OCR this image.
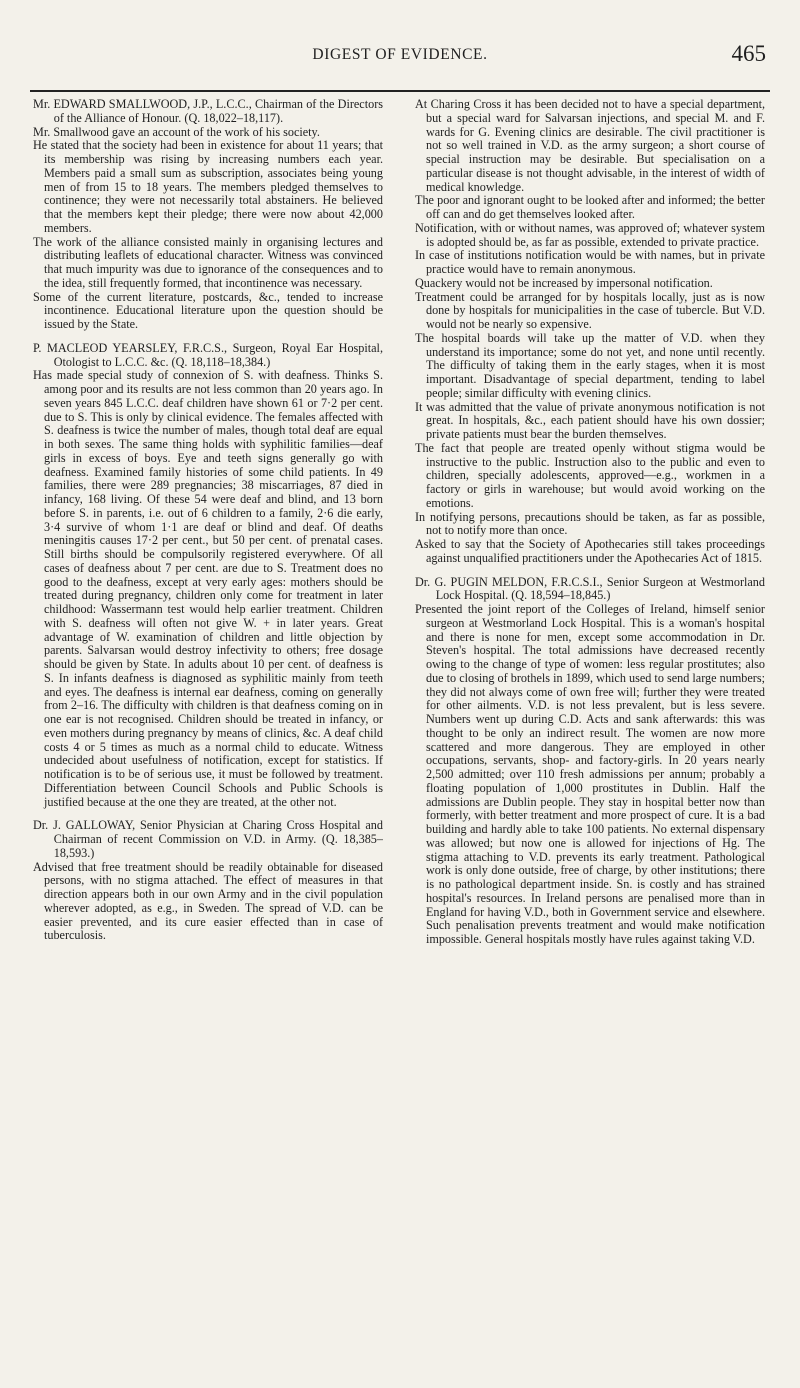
DIGEST OF EVIDENCE.	465

Mr. EDWARD SMALLWOOD, J.P., L.C.C., Chairman of the Directors of the Alliance of Honour. (Q. 18,022–18,117).

Mr. Smallwood gave an account of the work of his society.

He stated that the society had been in existence for about 11 years; that its membership was rising by increasing numbers each year. Members paid a small sum as subscription, associates being young men of from 15 to 18 years. The members pledged themselves to continence; they were not necessarily total abstainers. He believed that the members kept their pledge; there were now about 42,000 members.

The work of the alliance consisted mainly in organising lectures and distributing leaflets of educational character. Witness was convinced that much impurity was due to ignorance of the consequences and to the idea, still frequently formed, that incontinence was necessary.

Some of the current literature, postcards, &c., tended to increase incontinence. Educational literature upon the question should be issued by the State.

P. MACLEOD YEARSLEY, F.R.C.S., Surgeon, Royal Ear Hospital, Otologist to L.C.C. &c. (Q. 18,118–18,384.)

Has made special study of connexion of S. with deafness. Thinks S. among poor and its results are not less common than 20 years ago. In seven years 845 L.C.C. deaf children have shown 61 or 7·2 per cent. due to S. This is only by clinical evidence. The females affected with S. deafness is twice the number of males, though total deaf are equal in both sexes. The same thing holds with syphilitic families—deaf girls in excess of boys. Eye and teeth signs generally go with deafness. Examined family histories of some child patients. In 49 families, there were 289 pregnancies; 38 miscarriages, 87 died in infancy, 168 living. Of these 54 were deaf and blind, and 13 born before S. in parents, i.e. out of 6 children to a family, 2·6 die early, 3·4 survive of whom 1·1 are deaf or blind and deaf. Of deaths meningitis causes 17·2 per cent., but 50 per cent. of prenatal cases. Still births should be compulsorily registered everywhere. Of all cases of deafness about 7 per cent. are due to S. Treatment does no good to the deafness, except at very early ages: mothers should be treated during pregnancy, children only come for treatment in later childhood: Wassermann test would help earlier treatment. Children with S. deafness will often not give W. + in later years. Great advantage of W. examination of children and little objection by parents. Salvarsan would destroy infectivity to others; free dosage should be given by State. In adults about 10 per cent. of deafness is S. In infants deafness is diagnosed as syphilitic mainly from teeth and eyes. The deafness is internal ear deafness, coming on generally from 2–16. The difficulty with children is that deafness coming on in one ear is not recognised. Children should be treated in infancy, or even mothers during pregnancy by means of clinics, &c. A deaf child costs 4 or 5 times as much as a normal child to educate. Witness undecided about usefulness of notification, except for statistics. If notification is to be of serious use, it must be followed by treatment. Differentiation between Council Schools and Public Schools is justified because at the one they are treated, at the other not.

Dr. J. GALLOWAY, Senior Physician at Charing Cross Hospital and Chairman of recent Commission on V.D. in Army. (Q. 18,385–18,593.)

Advised that free treatment should be readily obtainable for diseased persons, with no stigma attached. The effect of measures in that direction appears both in our own Army and in the civil population wherever adopted, as e.g., in Sweden. The spread of V.D. can be easier prevented, and its cure easier effected than in case of tuberculosis.

At Charing Cross it has been decided not to have a special department, but a special ward for Salvarsan injections, and special M. and F. wards for G. Evening clinics are desirable. The civil practitioner is not so well trained in V.D. as the army surgeon; a short course of special instruction may be desirable. But specialisation on a particular disease is not thought advisable, in the interest of width of medical knowledge.

The poor and ignorant ought to be looked after and informed; the better off can and do get themselves looked after.

Notification, with or without names, was approved of; whatever system is adopted should be, as far as possible, extended to private practice.

In case of institutions notification would be with names, but in private practice would have to remain anonymous.

Quackery would not be increased by impersonal notification.

Treatment could be arranged for by hospitals locally, just as is now done by hospitals for municipalities in the case of tubercle. But V.D. would not be nearly so expensive.

The hospital boards will take up the matter of V.D. when they understand its importance; some do not yet, and none until recently. The difficulty of taking them in the early stages, when it is most important. Disadvantage of special department, tending to label people; similar difficulty with evening clinics.

It was admitted that the value of private anonymous notification is not great. In hospitals, &c., each patient should have his own dossier; private patients must bear the burden themselves.

The fact that people are treated openly without stigma would be instructive to the public. Instruction also to the public and even to children, specially adolescents, approved—e.g., workmen in a factory or girls in warehouse; but would avoid working on the emotions.

In notifying persons, precautions should be taken, as far as possible, not to notify more than once.

Asked to say that the Society of Apothecaries still takes proceedings against unqualified practitioners under the Apothecaries Act of 1815.

Dr. G. PUGIN MELDON, F.R.C.S.I., Senior Surgeon at Westmorland Lock Hospital. (Q. 18,594–18,845.)

Presented the joint report of the Colleges of Ireland, himself senior surgeon at Westmorland Lock Hospital. This is a woman's hospital and there is none for men, except some accommodation in Dr. Steven's hospital. The total admissions have decreased recently owing to the change of type of women: less regular prostitutes; also due to closing of brothels in 1899, which used to send large numbers; they did not always come of own free will; further they were treated for other ailments. V.D. is not less prevalent, but is less severe. Numbers went up during C.D. Acts and sank afterwards: this was thought to be only an indirect result. The women are now more scattered and more dangerous. They are employed in other occupations, servants, shop- and factory-girls. In 20 years nearly 2,500 admitted; over 110 fresh admissions per annum; probably a floating population of 1,000 prostitutes in Dublin. Half the admissions are Dublin people. They stay in hospital better now than formerly, with better treatment and more prospect of cure. It is a bad building and hardly able to take 100 patients. No external dispensary was allowed; but now one is allowed for injections of Hg. The stigma attaching to V.D. prevents its early treatment. Pathological work is only done outside, free of charge, by other institutions; there is no pathological department inside. Sn. is costly and has strained hospital's resources. In Ireland persons are penalised more than in England for having V.D., both in Government service and elsewhere. Such penalisation prevents treatment and would make notification impossible. General hospitals mostly have rules against taking V.D.
